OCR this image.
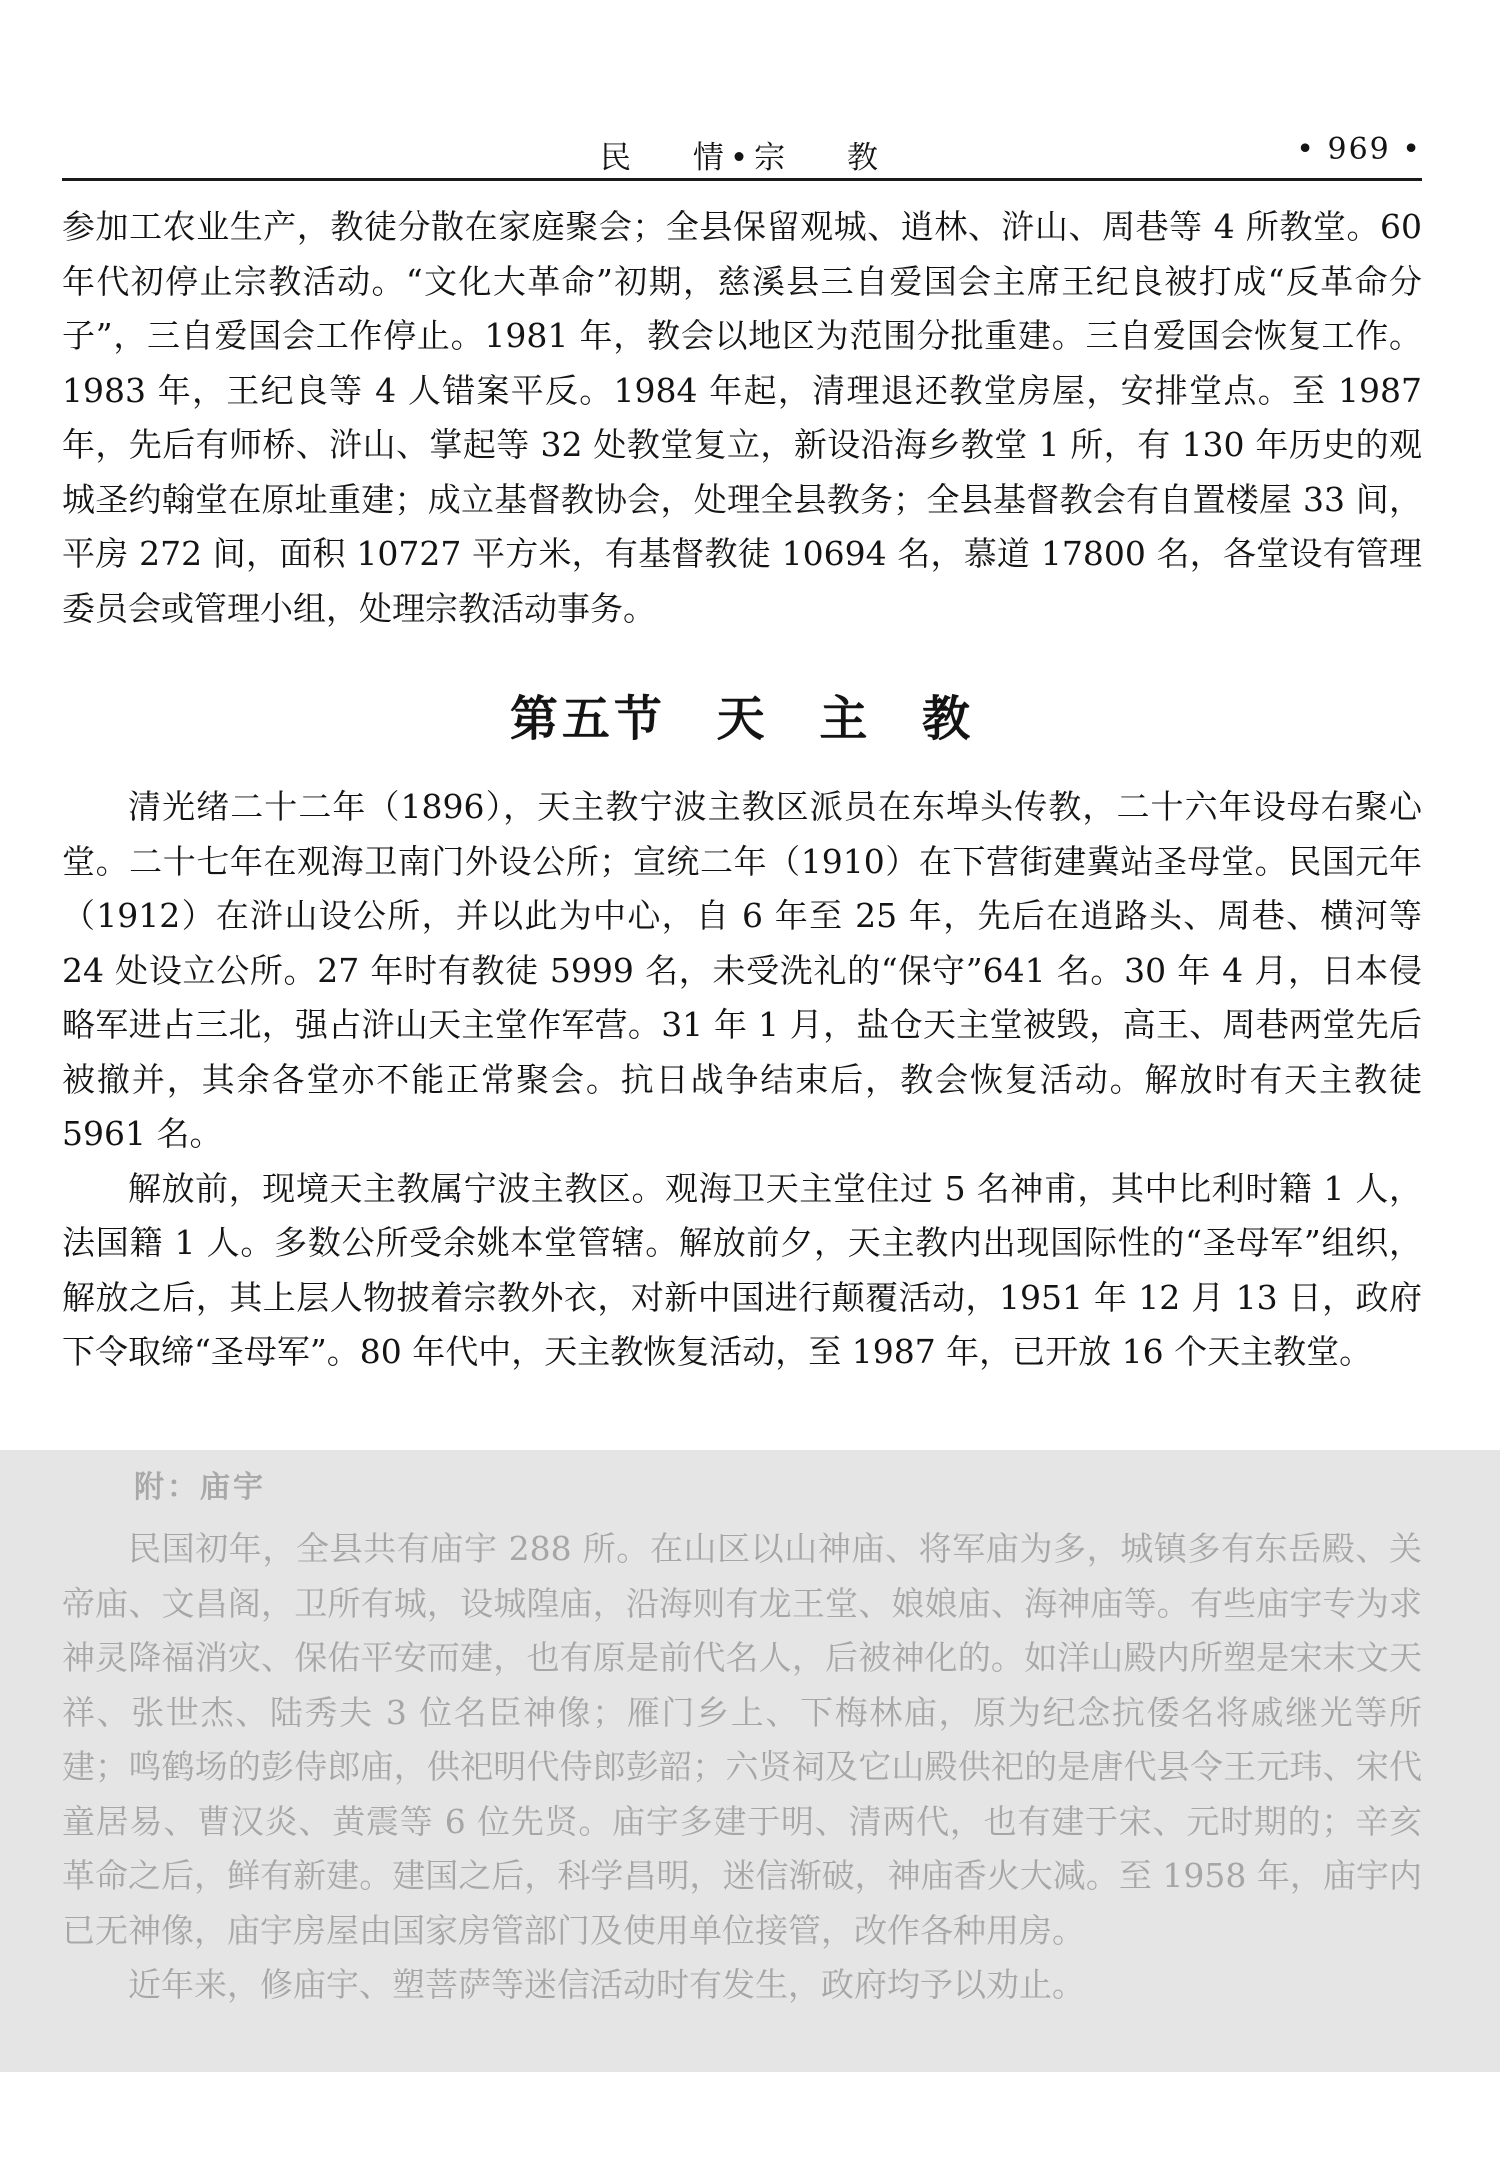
民 情•宗 教	• 969 •

参加工农业生产，教徒分散在家庭聚会；全县保留观城、逍林、浒山、周巷等 4 所教堂。60 年代初停止宗教活动。“文化大革命”初期，慈溪县三自爱国会主席王纪良被打成“反革命分子”，三自爱国会工作停止。1981 年，教会以地区为范围分批重建。三自爱国会恢复工作。1983 年，王纪良等 4 人错案平反。1984 年起，清理退还教堂房屋，安排堂点。至 1987 年，先后有师桥、浒山、掌起等 32 处教堂复立，新设沿海乡教堂 1 所，有 130 年历史的观城圣约翰堂在原址重建；成立基督教协会，处理全县教务；全县基督教会有自置楼屋 33 间，平房 272 间，面积 10727 平方米，有基督教徒 10694 名，慕道 17800 名，各堂设有管理委员会或管理小组，处理宗教活动事务。

第五节 天 主 教

清光绪二十二年（1896），天主教宁波主教区派员在东埠头传教，二十六年设母右聚心堂。二十七年在观海卫南门外设公所；宣统二年（1910）在下营街建冀站圣母堂。民国元年（1912）在浒山设公所，并以此为中心，自 6 年至 25 年，先后在逍路头、周巷、横河等 24 处设立公所。27 年时有教徒 5999 名，未受洗礼的“保守”641 名。30 年 4 月，日本侵略军进占三北，强占浒山天主堂作军营。31 年 1 月，盐仓天主堂被毁，高王、周巷两堂先后被撤并，其余各堂亦不能正常聚会。抗日战争结束后，教会恢复活动。解放时有天主教徒 5961 名。

解放前，现境天主教属宁波主教区。观海卫天主堂住过 5 名神甫，其中比利时籍 1 人，法国籍 1 人。多数公所受余姚本堂管辖。解放前夕，天主教内出现国际性的“圣母军”组织，解放之后，其上层人物披着宗教外衣，对新中国进行颠覆活动，1951 年 12 月 13 日，政府下令取缔“圣母军”。80 年代中，天主教恢复活动，至 1987 年，已开放 16 个天主教堂。

附：庙宇

民国初年，全县共有庙宇 288 所。在山区以山神庙、将军庙为多，城镇多有东岳殿、关帝庙、文昌阁，卫所有城，设城隍庙，沿海则有龙王堂、娘娘庙、海神庙等。有些庙宇专为求神灵降福消灾、保佑平安而建，也有原是前代名人，后被神化的。如洋山殿内所塑是宋末文天祥、张世杰、陆秀夫 3 位名臣神像；雁门乡上、下梅林庙，原为纪念抗倭名将戚继光等所建；鸣鹤场的彭侍郎庙，供祀明代侍郎彭韶；六贤祠及它山殿供祀的是唐代县令王元玮、宋代童居易、曹汉炎、黄震等 6 位先贤。庙宇多建于明、清两代，也有建于宋、元时期的；辛亥革命之后，鲜有新建。建国之后，科学昌明，迷信渐破，神庙香火大减。至 1958 年，庙宇内已无神像，庙宇房屋由国家房管部门及使用单位接管，改作各种用房。

近年来，修庙宇、塑菩萨等迷信活动时有发生，政府均予以劝止。
